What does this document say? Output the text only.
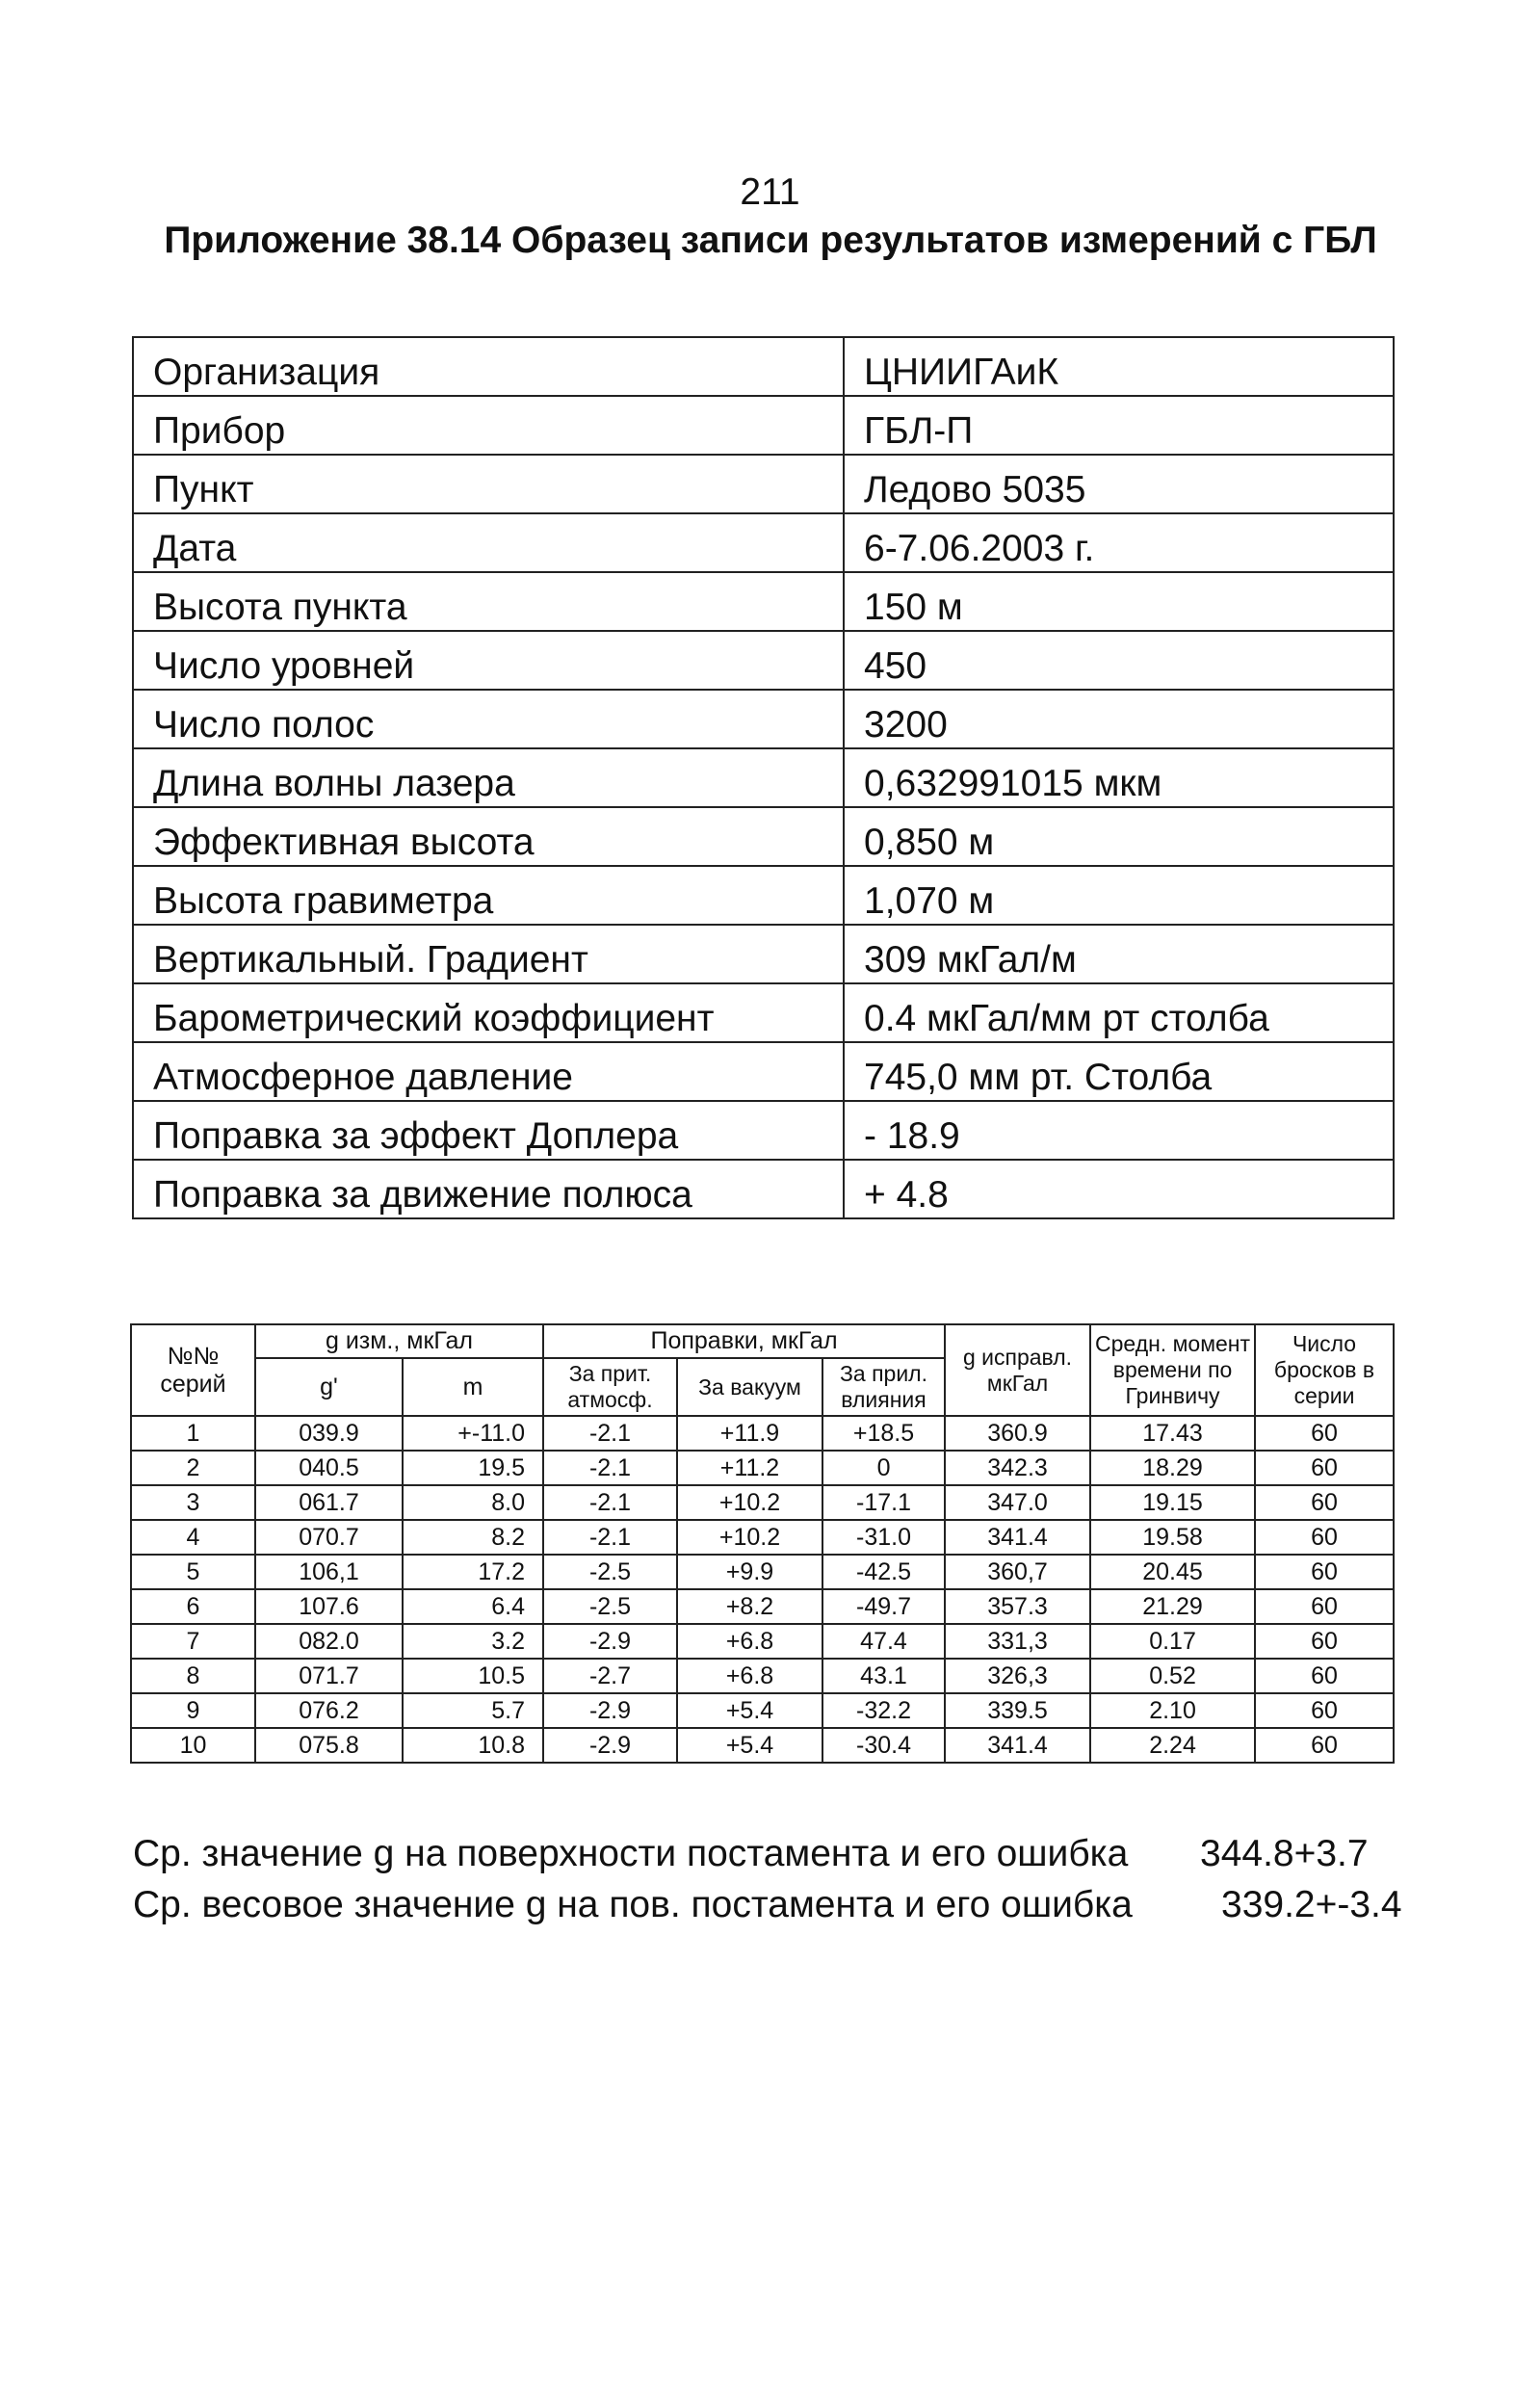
211
Приложение 38.14 Образец записи результатов измерений с ГБЛ
Организация	ЦНИИГАиК
Прибор	ГБЛ-П
Пункт	Ледово 5035
Дата	6-7.06.2003 г.
Высота пункта	150 м
Число уровней	450
Число полос	3200
Длина волны лазера	0,632991015 мкм
Эффективная высота	0,850 м
Высота гравиметра	1,070 м
Вертикальный. Градиент	309 мкГал/м
Барометрический коэффициент	0.4 мкГал/мм рт столба
Атмосферное давление	745,0 мм рт. Столба
Поправка за эффект Доплера	- 18.9
Поправка за движение полюса	+ 4.8
№№ серий	g изм., мкГал		Поправки, мкГал			g исправл. мкГал	Средн. момент времени по Гринвичу	Число бросков в серии
	g'	m	За прит. атмосф.	За вакуум	За прил. влияния			
1	039.9	+-11.0	-2.1	+11.9	+18.5	360.9	17.43	60
2	040.5	19.5	-2.1	+11.2	0	342.3	18.29	60
3	061.7	8.0	-2.1	+10.2	-17.1	347.0	19.15	60
4	070.7	8.2	-2.1	+10.2	-31.0	341.4	19.58	60
5	106,1	17.2	-2.5	+9.9	-42.5	360,7	20.45	60
6	107.6	6.4	-2.5	+8.2	-49.7	357.3	21.29	60
7	082.0	3.2	-2.9	+6.8	47.4	331,3	0.17	60
8	071.7	10.5	-2.7	+6.8	43.1	326,3	0.52	60
9	076.2	5.7	-2.9	+5.4	-32.2	339.5	2.10	60
10	075.8	10.8	-2.9	+5.4	-30.4	341.4	2.24	60
Ср. значение g на поверхности постамента и его ошибка 344.8+3.7
Ср. весовое значение g на пов. постамента и его ошибка 339.2+-3.4
